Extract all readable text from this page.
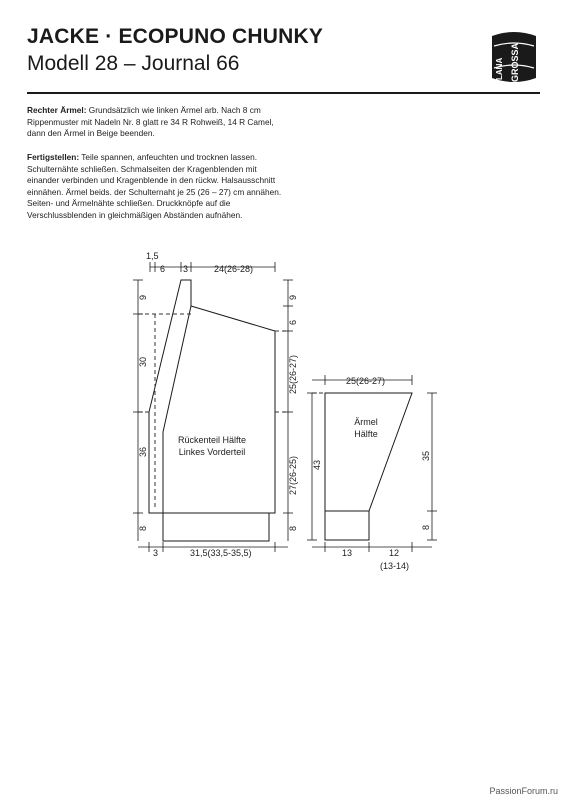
JACKE · ECOPUNO CHUNKY
Modell 28 – Journal 66	LANA GROSSA
Rechter Ärmel: Grundsätzlich wie linken Ärmel arb. Nach 8 cm Rippenmuster mit Nadeln Nr. 8 glatt re 34 R Rohweiß, 14 R Camel, dann den Ärmel in Beige beenden.
Fertigstellen: Teile spannen, anfeuchten und trocknen lassen. Schulternähte schließen. Schmalseiten der Kragenblenden mit einander verbinden und Kragenblende in den rückw. Halsausschnitt einnähen. Ärmel beids. der Schulternaht je 25 (26 – 27) cm annähen. Seiten- und Ärmelnähte schließen. Druckknöpfe auf die Verschlussblenden in gleichmäßigen Abständen aufnähen.
1,5
6 3	24(26-28)
9
30
36
8
9
6
25(26-27)
27(26-25)
8
3	31,5(33,5-35,5)
Rückenteil Hälfte
Linkes Vorderteil
25(26-27)
43
35
8
13	12
(13-14)
Ärmel
Hälfte
PassionForum.ru
